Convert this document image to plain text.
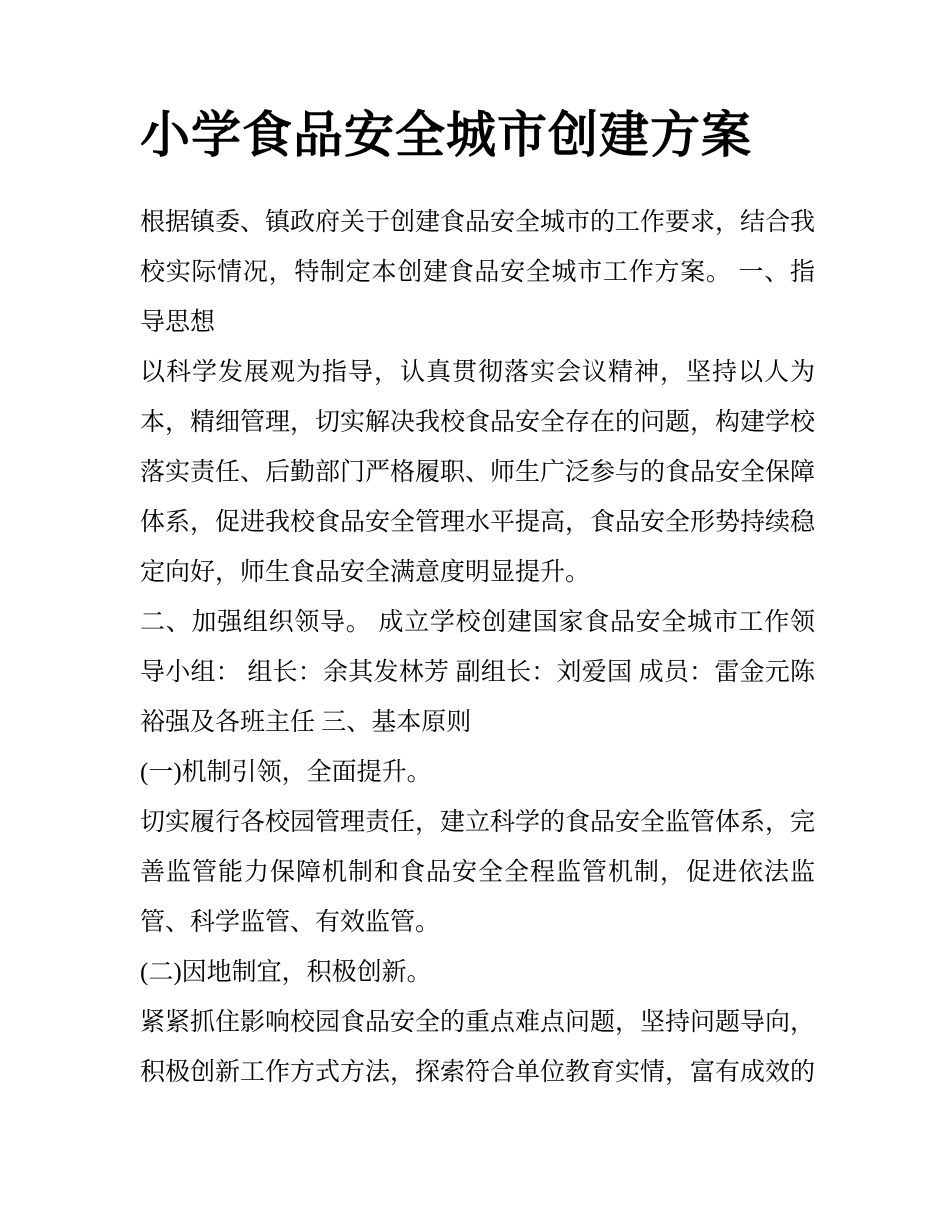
小学食品安全城市创建方案
根据镇委、镇政府关于创建食品安全城市的工作要求，结合我
校实际情况，特制定本创建食品安全城市工作方案。 一、指
导思想
以科学发展观为指导，认真贯彻落实会议精神，坚持以人为
本，精细管理，切实解决我校食品安全存在的问题，构建学校
落实责任、后勤部门严格履职、师生广泛参与的食品安全保障
体系，促进我校食品安全管理水平提高，食品安全形势持续稳
定向好，师生食品安全满意度明显提升。
二、加强组织领导。 成立学校创建国家食品安全城市工作领
导小组： 组长：余其发林芳 副组长：刘爱国 成员：雷金元陈
裕强及各班主任 三、基本原则
(一)机制引领，全面提升。
切实履行各校园管理责任，建立科学的食品安全监管体系，完
善监管能力保障机制和食品安全全程监管机制，促进依法监
管、科学监管、有效监管。
(二)因地制宜，积极创新。
紧紧抓住影响校园食品安全的重点难点问题，坚持问题导向，
积极创新工作方式方法，探索符合单位教育实情，富有成效的
